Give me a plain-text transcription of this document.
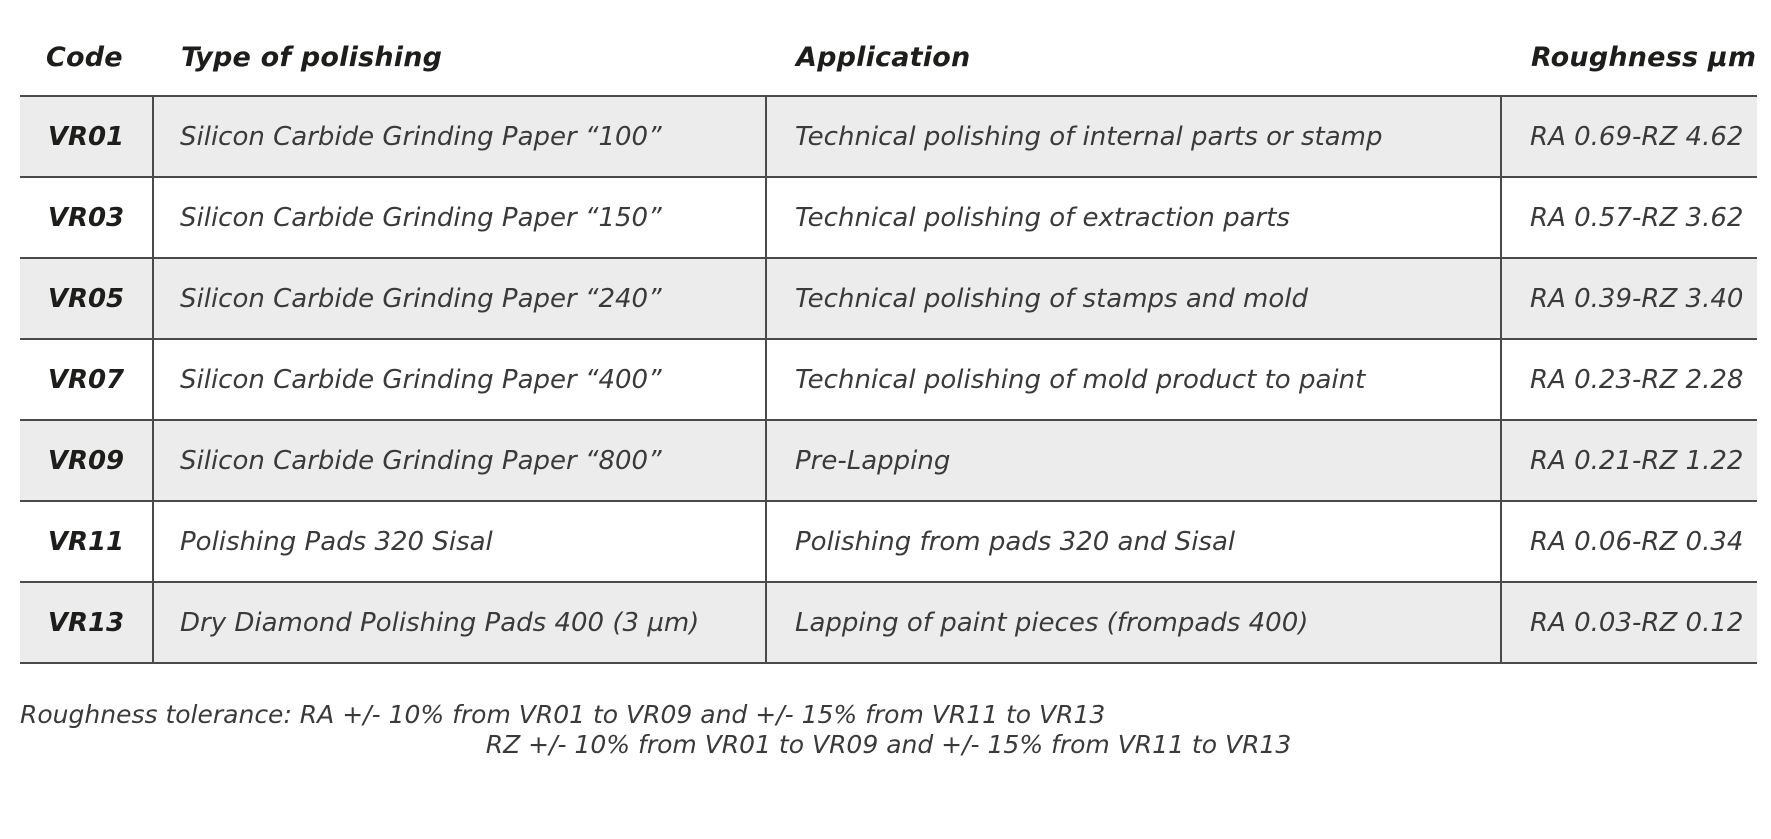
Code	Type of polishing	Application	Roughness µm
VR01	Silicon Carbide Grinding Paper “100”	Technical polishing of internal parts or stamp	RA 0.69-RZ 4.62
VR03	Silicon Carbide Grinding Paper “150”	Technical polishing of extraction parts	RA 0.57-RZ 3.62
VR05	Silicon Carbide Grinding Paper “240”	Technical polishing of stamps and mold	RA 0.39-RZ 3.40
VR07	Silicon Carbide Grinding Paper “400”	Technical polishing of mold product to paint	RA 0.23-RZ 2.28
VR09	Silicon Carbide Grinding Paper “800”	Pre-Lapping	RA 0.21-RZ 1.22
VR11	Polishing Pads 320 Sisal	Polishing from pads 320 and Sisal	RA 0.06-RZ 0.34
VR13	Dry Diamond Polishing Pads 400 (3 µm)	Lapping of paint pieces (frompads 400)	RA 0.03-RZ 0.12
Roughness tolerance: RA +/- 10% from VR01 to VR09 and +/- 15% from VR11 to VR13
RZ +/- 10% from VR01 to VR09 and +/- 15% from VR11 to VR13
